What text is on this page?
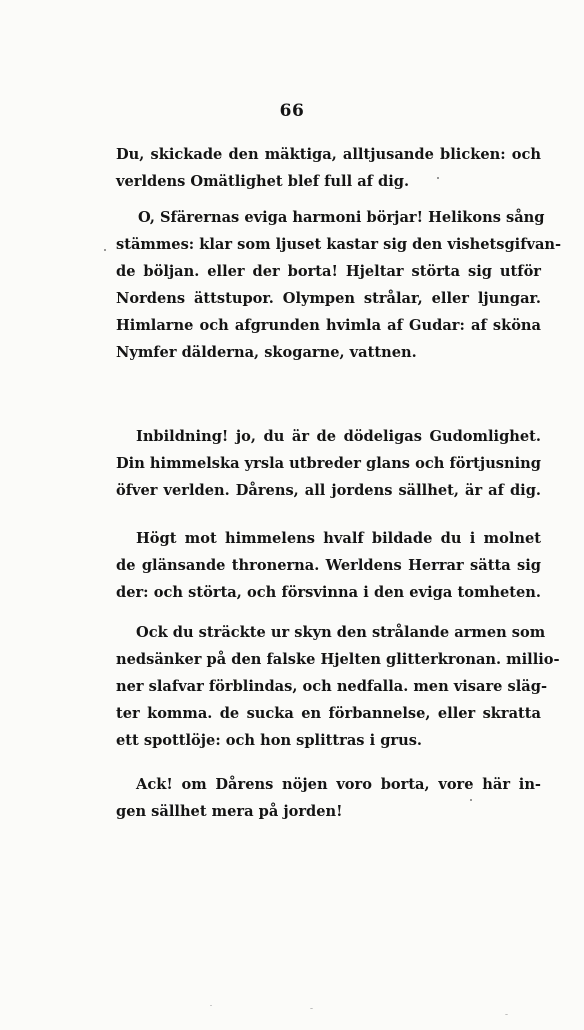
66
Du, skickade den mäktiga, alltjusande blicken: och
verldens Omätlighet blef full af dig.
O, Sfärernas eviga harmoni börjar! Helikons sång
stämmes: klar som ljuset kastar sig den vishetsgifvan-
de böljan. eller der borta! Hjeltar störta sig utför
Nordens ättstupor. Olympen strålar, eller ljungar.
Himlarne och afgrunden hvimla af Gudar: af sköna
Nymfer dälderna, skogarne, vattnen.
Inbildning! jo, du är de dödeligas Gudomlighet.
Din himmelska yrsla utbreder glans och förtjusning
öfver verlden. Dårens, all jordens sällhet, är af dig.
Högt mot himmelens hvalf bildade du i molnet
de glänsande thronerna. Werldens Herrar sätta sig
der: och störta, och försvinna i den eviga tomheten.
Ock du sträckte ur skyn den strålande armen som
nedsänker på den falske Hjelten glitterkronan. millio-
ner slafvar förblindas, och nedfalla. men visare släg-
ter komma. de sucka en förbannelse, eller skratta
ett spottlöje: och hon splittras i grus.
Ack! om Dårens nöjen voro borta, vore här in-
gen sällhet mera på jorden!
